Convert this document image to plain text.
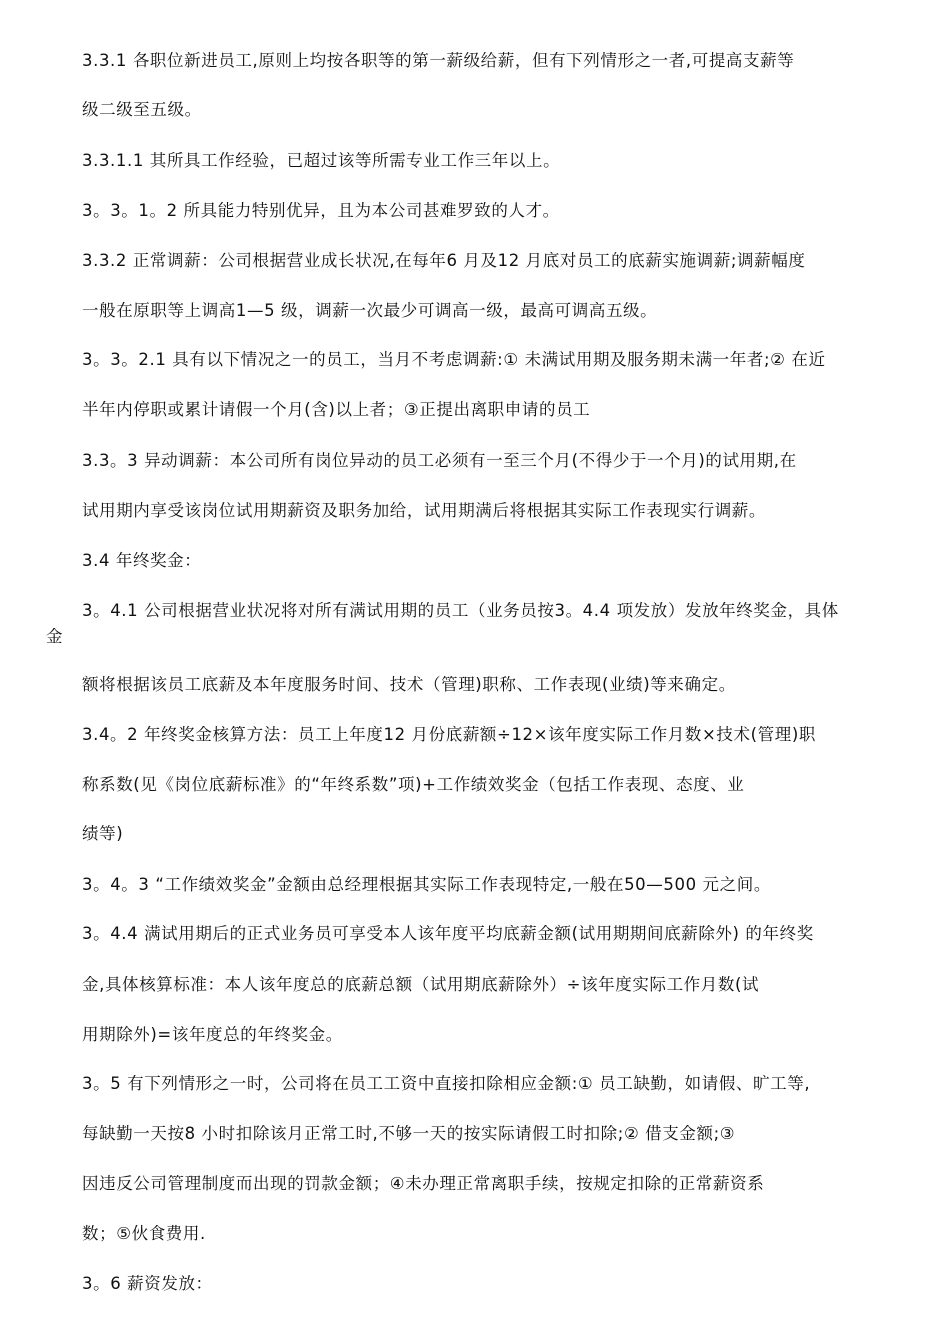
3.3.1 各职位新进员工,原则上均按各职等的第一薪级给薪，但有下列情形之一者,可提高支薪等
级二级至五级。
3.3.1.1 其所具工作经验，已超过该等所需专业工作三年以上。
3。3。1。2 所具能力特别优异，且为本公司甚难罗致的人才。
3.3.2 正常调薪：公司根据营业成长状况,在每年6 月及12 月底对员工的底薪实施调薪;调薪幅度
一般在原职等上调高1—5 级，调薪一次最少可调高一级，最高可调高五级。
3。3。2.1 具有以下情况之一的员工，当月不考虑调薪:① 未满试用期及服务期未满一年者;② 在近
半年内停职或累计请假一个月(含)以上者；③正提出离职申请的员工
3.3。3 异动调薪：本公司所有岗位异动的员工必须有一至三个月(不得少于一个月)的试用期,在
试用期内享受该岗位试用期薪资及职务加给，试用期满后将根据其实际工作表现实行调薪。
3.4 年终奖金：
3。4.1 公司根据营业状况将对所有满试用期的员工（业务员按3。4.4 项发放）发放年终奖金，具体
金
额将根据该员工底薪及本年度服务时间、技术（管理)职称、工作表现(业绩)等来确定。
3.4。2 年终奖金核算方法：员工上年度12 月份底薪额÷12×该年度实际工作月数×技术(管理)职
称系数(见《岗位底薪标准》的“年终系数”项)+工作绩效奖金（包括工作表现、态度、业
绩等)
3。4。3 “工作绩效奖金”金额由总经理根据其实际工作表现特定,一般在50—500 元之间。
3。4.4 满试用期后的正式业务员可享受本人该年度平均底薪金额(试用期期间底薪除外) 的年终奖
金,具体核算标准：本人该年度总的底薪总额（试用期底薪除外）÷该年度实际工作月数(试
用期除外)=该年度总的年终奖金。
3。5 有下列情形之一时，公司将在员工工资中直接扣除相应金额:① 员工缺勤，如请假、旷工等,
每缺勤一天按8 小时扣除该月正常工时,不够一天的按实际请假工时扣除;② 借支金额;③
因违反公司管理制度而出现的罚款金额；④未办理正常离职手续，按规定扣除的正常薪资系
数；⑤伙食费用.
3。6 薪资发放：
